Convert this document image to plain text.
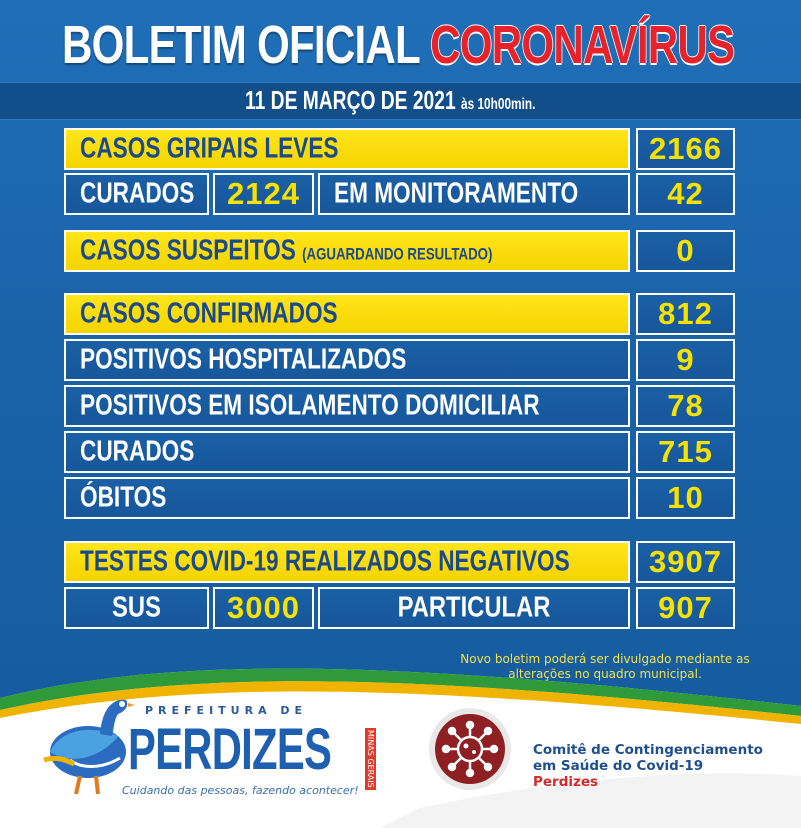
BOLETIM OFICIAL CORONAVÍRUS
11 DE MARÇO DE 2021 às 10h00min.
CASOS GRIPAIS LEVES	2166
CURADOS	2124	EM MONITORAMENTO	42
CASOS SUSPEITOS (AGUARDANDO RESULTADO)	0
CASOS CONFIRMADOS	812
POSITIVOS HOSPITALIZADOS	9
POSITIVOS EM ISOLAMENTO DOMICILIAR	78
CURADOS	715
ÓBITOS	10
TESTES COVID-19 REALIZADOS NEGATIVOS	3907
SUS	3000	PARTICULAR	907
Novo boletim poderá ser divulgado mediante as alterações no quadro municipal.
PREFEITURA DE
PERDIZES	MINAS GERAIS
Cuidando das pessoas, fazendo acontecer!
Comitê de Contingenciamento
em Saúde do Covid-19
Perdizes
